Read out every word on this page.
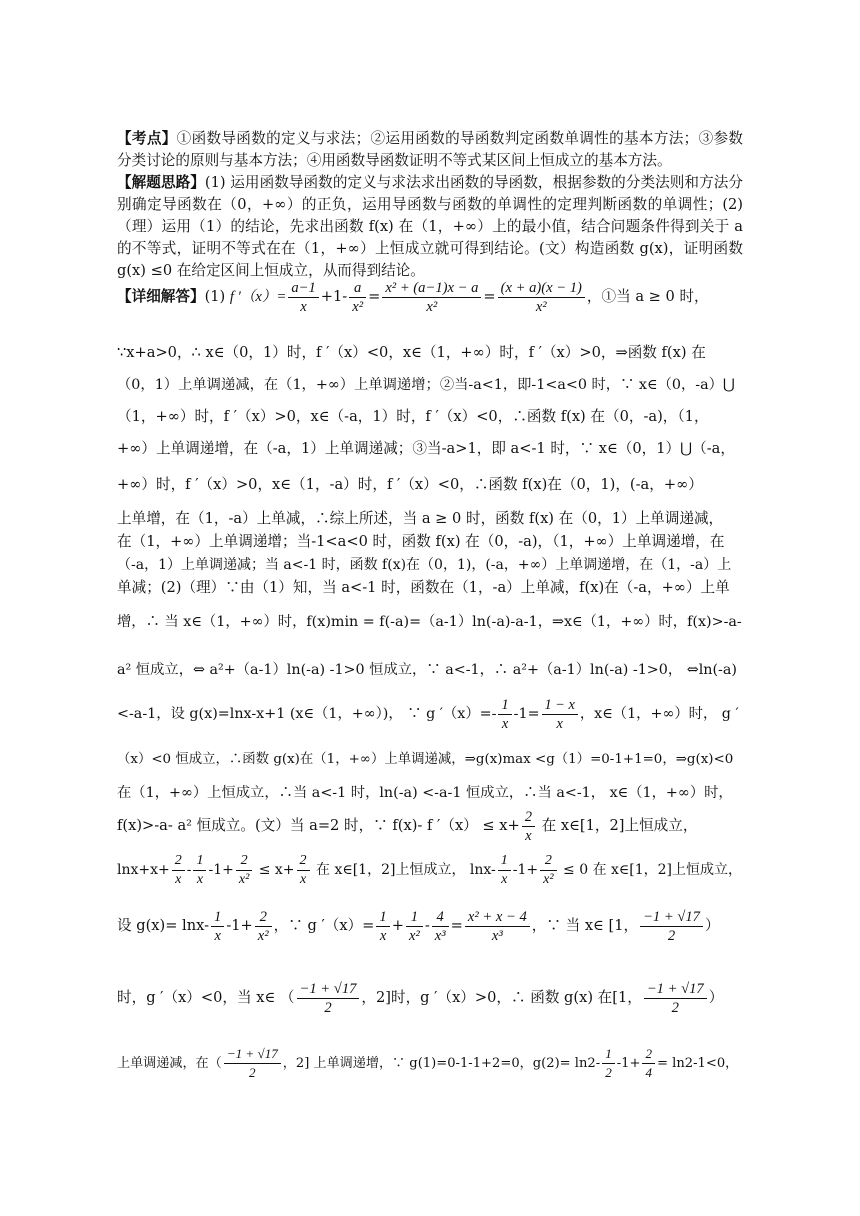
【考点】①函数导函数的定义与求法；②运用函数的导函数判定函数单调性的基本方法；③参数分类讨论的原则与基本方法；④用函数导函数证明不等式某区间上恒成立的基本方法。
【解题思路】(1) 运用函数导函数的定义与求法求出函数的导函数，根据参数的分类法则和方法分别确定导函数在（0，+∞）的正负，运用导函数与函数的单调性的定理判断函数的单调性；(2)（理）运用（1）的结论，先求出函数 f(x) 在（1，+∞）上的最小值，结合问题条件得到关于 a 的不等式，证明不等式在在（1，+∞）上恒成立就可得到结论。(文）构造函数 g(x)，证明函数 g(x) ≤0 在给定区间上恒成立，从而得到结论。
【详细解答】(1) f $'(x)= \frac{a-1}{x} +1- \frac{a}{\text{x²}} = \frac{\text{x² + (a−1)x − a}}{\text{x²}} = \frac{(x + a)(x - 1)}{\text{x²}}$ ，①当 a ≥ 0 时，
∵x+a>0，∴ x∈（0，1）时，f ′（x）<0，x∈（1，+∞）时，f ′（x）>0，⇒函数 f(x) 在
（0，1）上单调递减，在（1，+∞）上单调递增；②当-a<1，即-1<a<0 时，∵ x∈（0，-a）⋃
（1，+∞）时，f ′（x）>0，x∈（-a，1）时，f ′（x）<0，∴函数 f(x) 在（0，-a)，（1，
+∞）上单调递增，在（-a，1）上单调递减；③当-a>1，即 a<-1 时，∵ x∈（0，1）⋃（-a，
+∞）时，f ′（x）>0，x∈（1，-a）时，f ′（x）<0，∴函数 f(x)在（0，1)，(-a，+∞）
上单增，在（1，-a）上单减，∴综上所述，当 a ≥ 0 时，函数 f(x) 在（0，1）上单调递减，
在（1，+∞）上单调递增；当-1<a<0 时，函数 f(x) 在（0，-a)，（1，+∞）上单调递增，在
（-a，1）上单调递减；当 a<-1 时，函数 f(x)在（0，1)，(-a，+∞）上单调递增，在（1，-a）上
单减；(2)（理）∵由（1）知，当 a<-1 时，函数在（1，-a）上单减，f(x)在（-a，+∞）上单
增，∴ 当 x∈（1，+∞）时，f(x)min = f(-a)=（a-1）ln(-a)-a-1，⇒x∈（1，+∞）时，f(x)>-a-
a² 恒成立，⇔ a²+（a-1）ln(-a) -1>0 恒成立，∵ a<-1，∴ a²+（a-1）ln(-a) -1>0， ⇔ln(-a)
<-a-1，设 g(x)=lnx-x+1 (x∈（1，+∞）)， ∵ g $'(x)=- \frac{1}{x} -1= \frac{1 - x}{x}$ ，x∈（1，+∞）时， g ′
（x）<0 恒成立，∴函数 g(x)在（1，+∞）上单调递减，⇒g(x)max <g（1）=0-1+1=0，⇒g(x)<0
在（1，+∞）上恒成立，∴当 a<-1 时，ln(-a) <-a-1 恒成立，∴当 a<-1， x∈（1，+∞）时，
f(x)>-a- a² 恒成立。(文）当 a=2 时，∵ f(x)- f $'(x) \le x+ \frac{2}{x}$ 在 x∈[1，2]上恒成立，
$\ln x+x+ \frac{2}{x} - \frac{1}{x} -1+ \frac{2}{\text{x²}} \le x+ \frac{2}{x}$ 在 x∈[1，2]上恒成立， $\ln x- \frac{1}{x} -1+ \frac{2}{\text{x²}} \le 0$ 在 x∈[1，2]上恒成立，
设 $g(x)= \ln x- \frac{1}{x} -1+ \frac{2}{\text{x²}}$ ，∵ g $'(x)= \frac{1}{x} + \frac{1}{\text{x²}} - \frac{4}{\text{x³}} = \frac{\text{x² + x − 4}}{\text{x³}}$ ，∵ 当 x∈ [1， $\frac{-1 + √17}{2}$ ）
时，g ′（x）<0，当 x∈ （ $\frac{-1 + √17}{2}$ ，2]时，g ′（x）>0，∴ 函数 g(x) 在[1， $\frac{-1 + √17}{2}$ ）
上单调递减，在（ $\frac{-1 + √17}{2}$ ，2] 上单调递增，∵ g(1)=0-1-1+2=0，$g(2)= \ln 2- \frac{1}{2} -1+ \frac{2}{4} = \ln 2-1<0$，
